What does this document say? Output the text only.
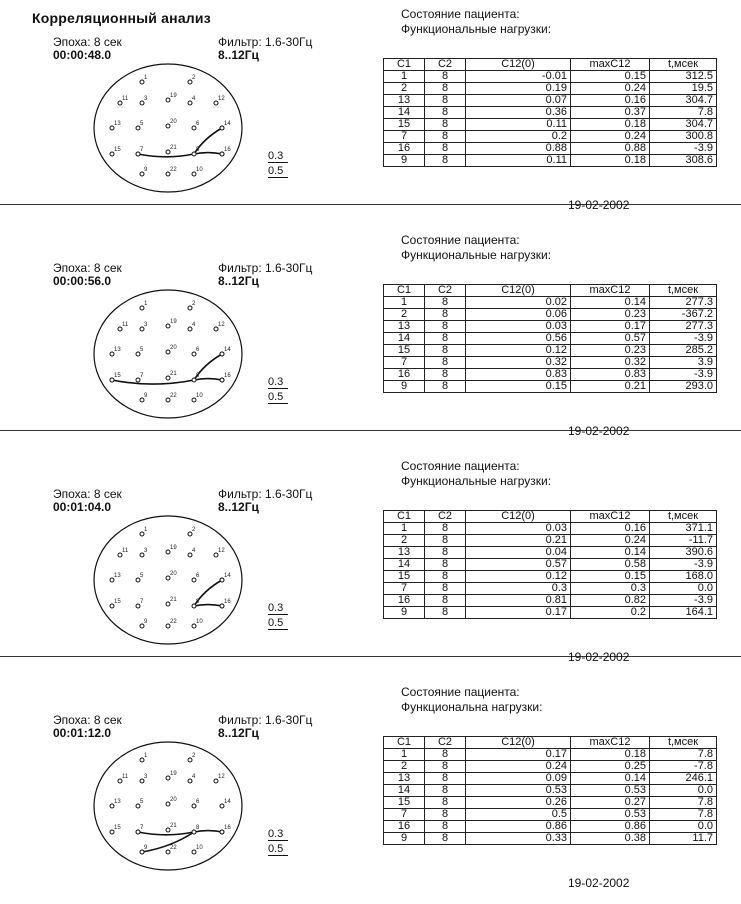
Корреляционный анализ
Эпоха: 8 сек
00:00:48.0
Фильтр: 1.6-30Гц
8..12Гц
Состояние пациента:
Функциональные нагрузки:
1	2
11	3	19	4	12
13	5	20	6	14
15	7	21	8	16
9	22	10
0.3
0.5
C1	C2	C12(0)	maxC12	t,мсек
1	8	-0.01	0.15	312.5
2	8	0.19	0.24	19.5
13	8	0.07	0.16	304.7
14	8	0.36	0.37	7.8
15	8	0.11	0.18	304.7
7	8	0.2	0.24	300.8
16	8	0.88	0.88	-3.9
9	8	0.11	0.18	308.6
19-02-2002
Эпоха: 8 сек
00:00:56.0
Фильтр: 1.6-30Гц
8..12Гц
Состояние пациента:
Функциональные нагрузки:
1	2
11	3	19	4	12
13	5	20	6	14
15	7	21	8	16
9	22	10
0.3
0.5
C1	C2	C12(0)	maxC12	t,мсек
1	8	0.02	0.14	277.3
2	8	0.06	0.23	-367.2
13	8	0.03	0.17	277.3
14	8	0.56	0.57	-3.9
15	8	0.12	0.23	285.2
7	8	0.32	0.32	3.9
16	8	0.83	0.83	-3.9
9	8	0.15	0.21	293.0
19-02-2002
Эпоха: 8 сек
00:01:04.0
Фильтр: 1.6-30Гц
8..12Гц
Состояние пациента:
Функциональные нагрузки:
1	2
11	3	19	4	12
13	5	20	6	14
15	7	21	8	16
9	22	10
0.3
0.5
C1	C2	C12(0)	maxC12	t,мсек
1	8	0.03	0.16	371.1
2	8	0.21	0.24	-11.7
13	8	0.04	0.14	390.6
14	8	0.57	0.58	-3.9
15	8	0.12	0.15	168.0
7	8	0.3	0.3	0.0
16	8	0.81	0.82	-3.9
9	8	0.17	0.2	164.1
19-02-2002
Эпоха: 8 сек
00:01:12.0
Фильтр: 1.6-30Гц
8..12Гц
Состояние пациента:
Функциональна нагрузки:
1	2
11	3	19	4	12
13	5	20	6	14
15	7	21	8	16
9	22	10
0.3
0.5
C1	C2	C12(0)	maxC12	t,мсек
1	8	0.17	0.18	7.8
2	8	0.24	0.25	-7.8
13	8	0.09	0.14	246.1
14	8	0.53	0.53	0.0
15	8	0.26	0.27	7.8
7	8	0.5	0.53	7.8
16	8	0.86	0.86	0.0
9	8	0.33	0.38	11.7
19-02-2002
